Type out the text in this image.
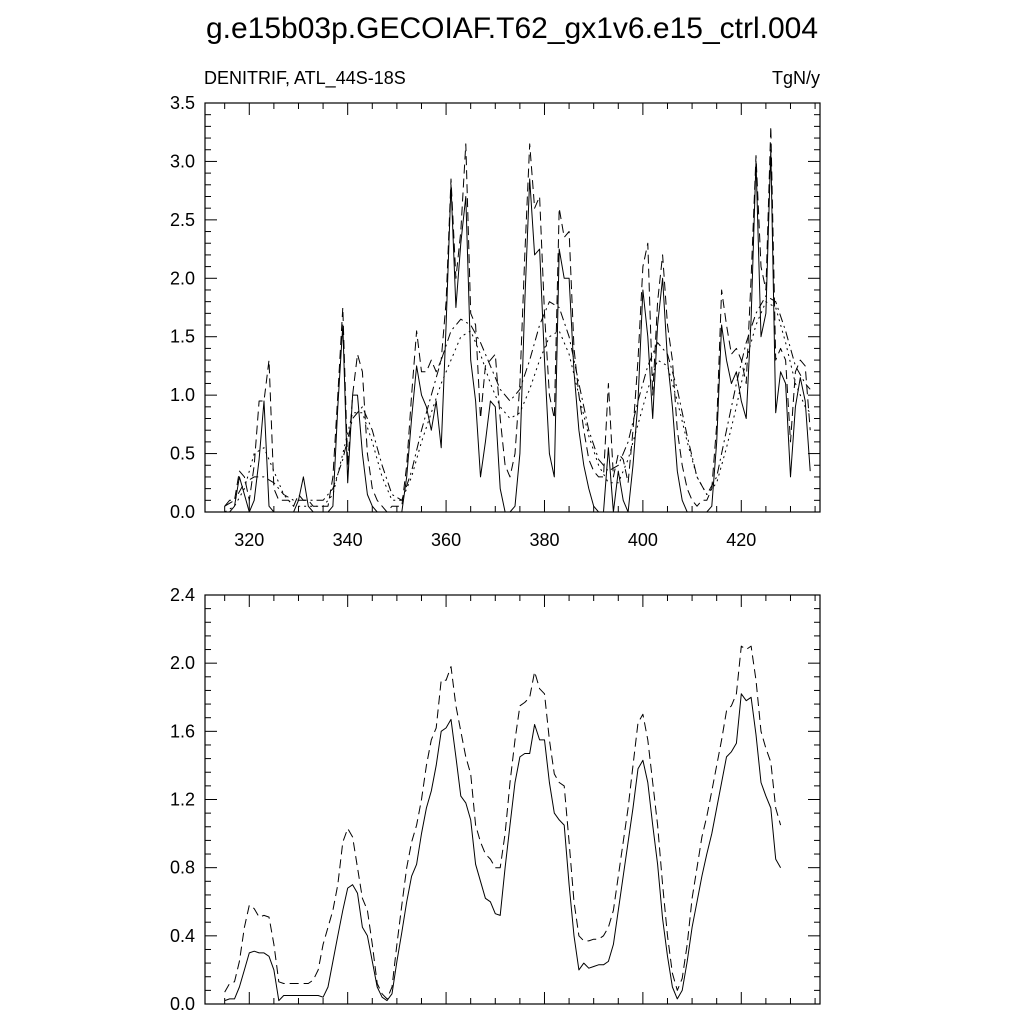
g.e15b03p.GECOIAF.T62_gx1v6.e15_ctrl.004
DENITRIF, ATL_44S-18S	TgN/y
320	340	360	380	400	420
0.0
0.5
1.0
1.5
2.0
2.5
3.0
3.5
0.0
0.4
0.8
1.2
1.6
2.0
2.4
